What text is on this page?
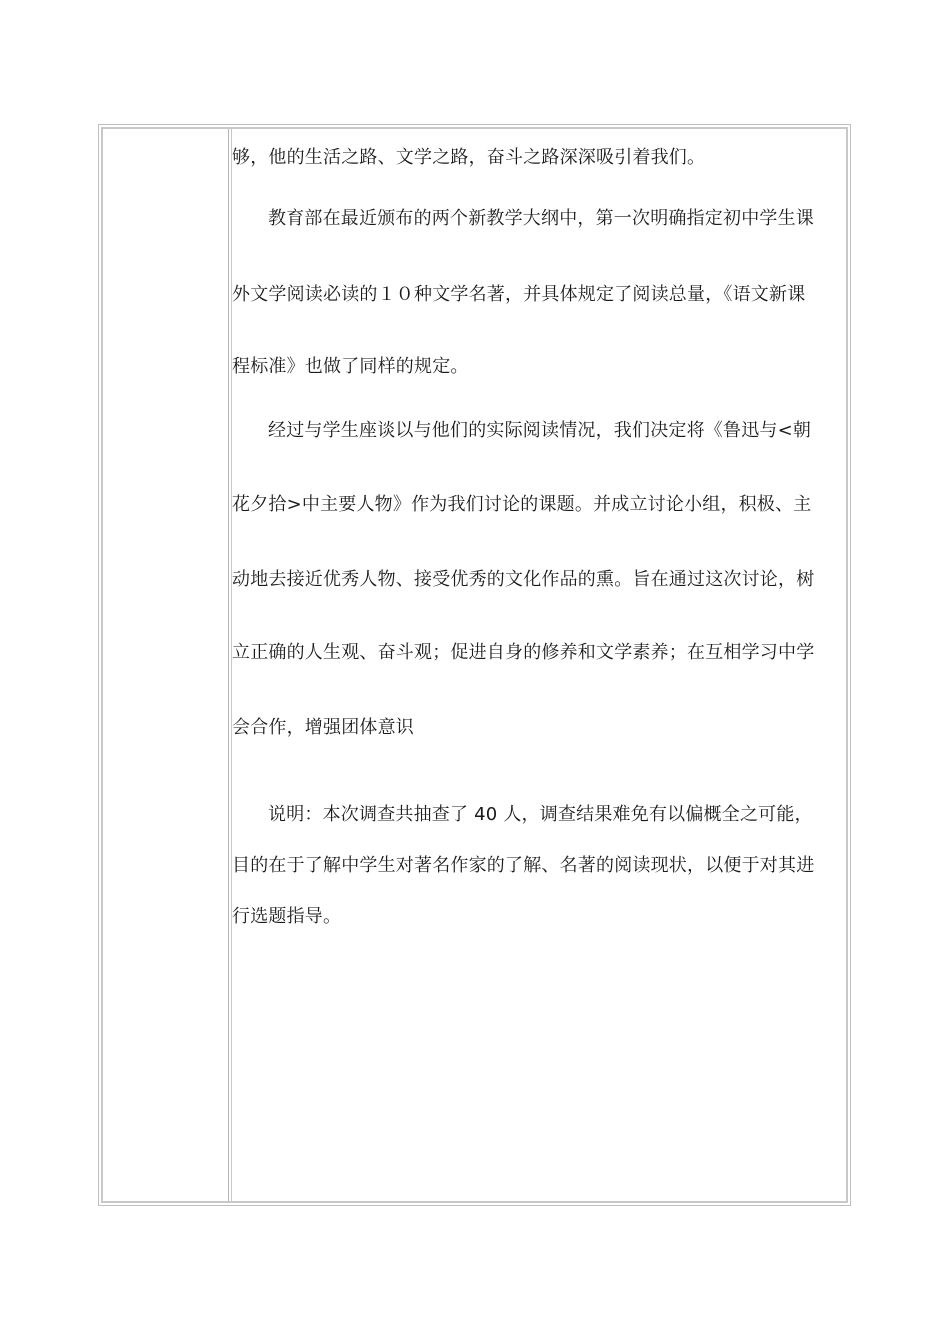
够，他的生活之路、文学之路，奋斗之路深深吸引着我们。

教育部在最近颁布的两个新教学大纲中，第一次明确指定初中学生课

外文学阅读必读的１０种文学名著，并具体规定了阅读总量，《语文新课

程标准》也做了同样的规定。

经过与学生座谈以与他们的实际阅读情况，我们决定将《鲁迅与<朝

花夕拾>中主要人物》作为我们讨论的课题。并成立讨论小组，积极、主

动地去接近优秀人物、接受优秀的文化作品的熏。旨在通过这次讨论，树

立正确的人生观、奋斗观；促进自身的修养和文学素养；在互相学习中学

会合作，增强团体意识

说明：本次调查共抽查了 40 人，调查结果难免有以偏概全之可能，

目的在于了解中学生对著名作家的了解、名著的阅读现状，以便于对其进

行选题指导。
